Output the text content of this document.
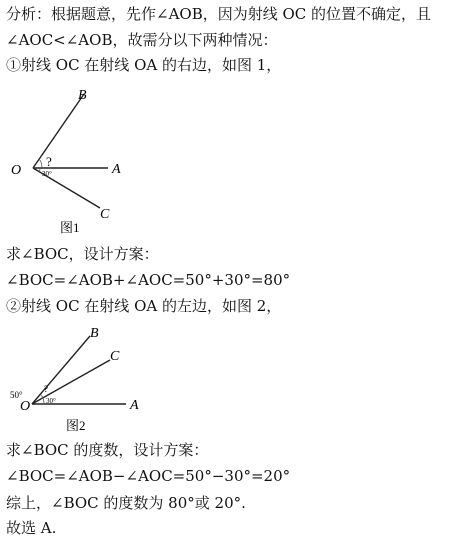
分析：根据题意，先作∠AOB，因为射线 OC 的位置不确定，且
∠AOC<∠AOB，故需分以下两种情况：
①射线 OC 在射线 OA 的右边，如图 1，
O	A
B
C
30°
?
图1
求∠BOC，设计方案：
∠BOC=∠AOB+∠AOC=50°+30°=80°
②射线 OC 在射线 OA 的左边，如图 2，
50°
30°
?
O	A
B
C
图2
求∠BOC 的度数，设计方案：
∠BOC=∠AOB−∠AOC=50°−30°=20°
综上，∠BOC 的度数为 80°或 20°.
故选 A.
